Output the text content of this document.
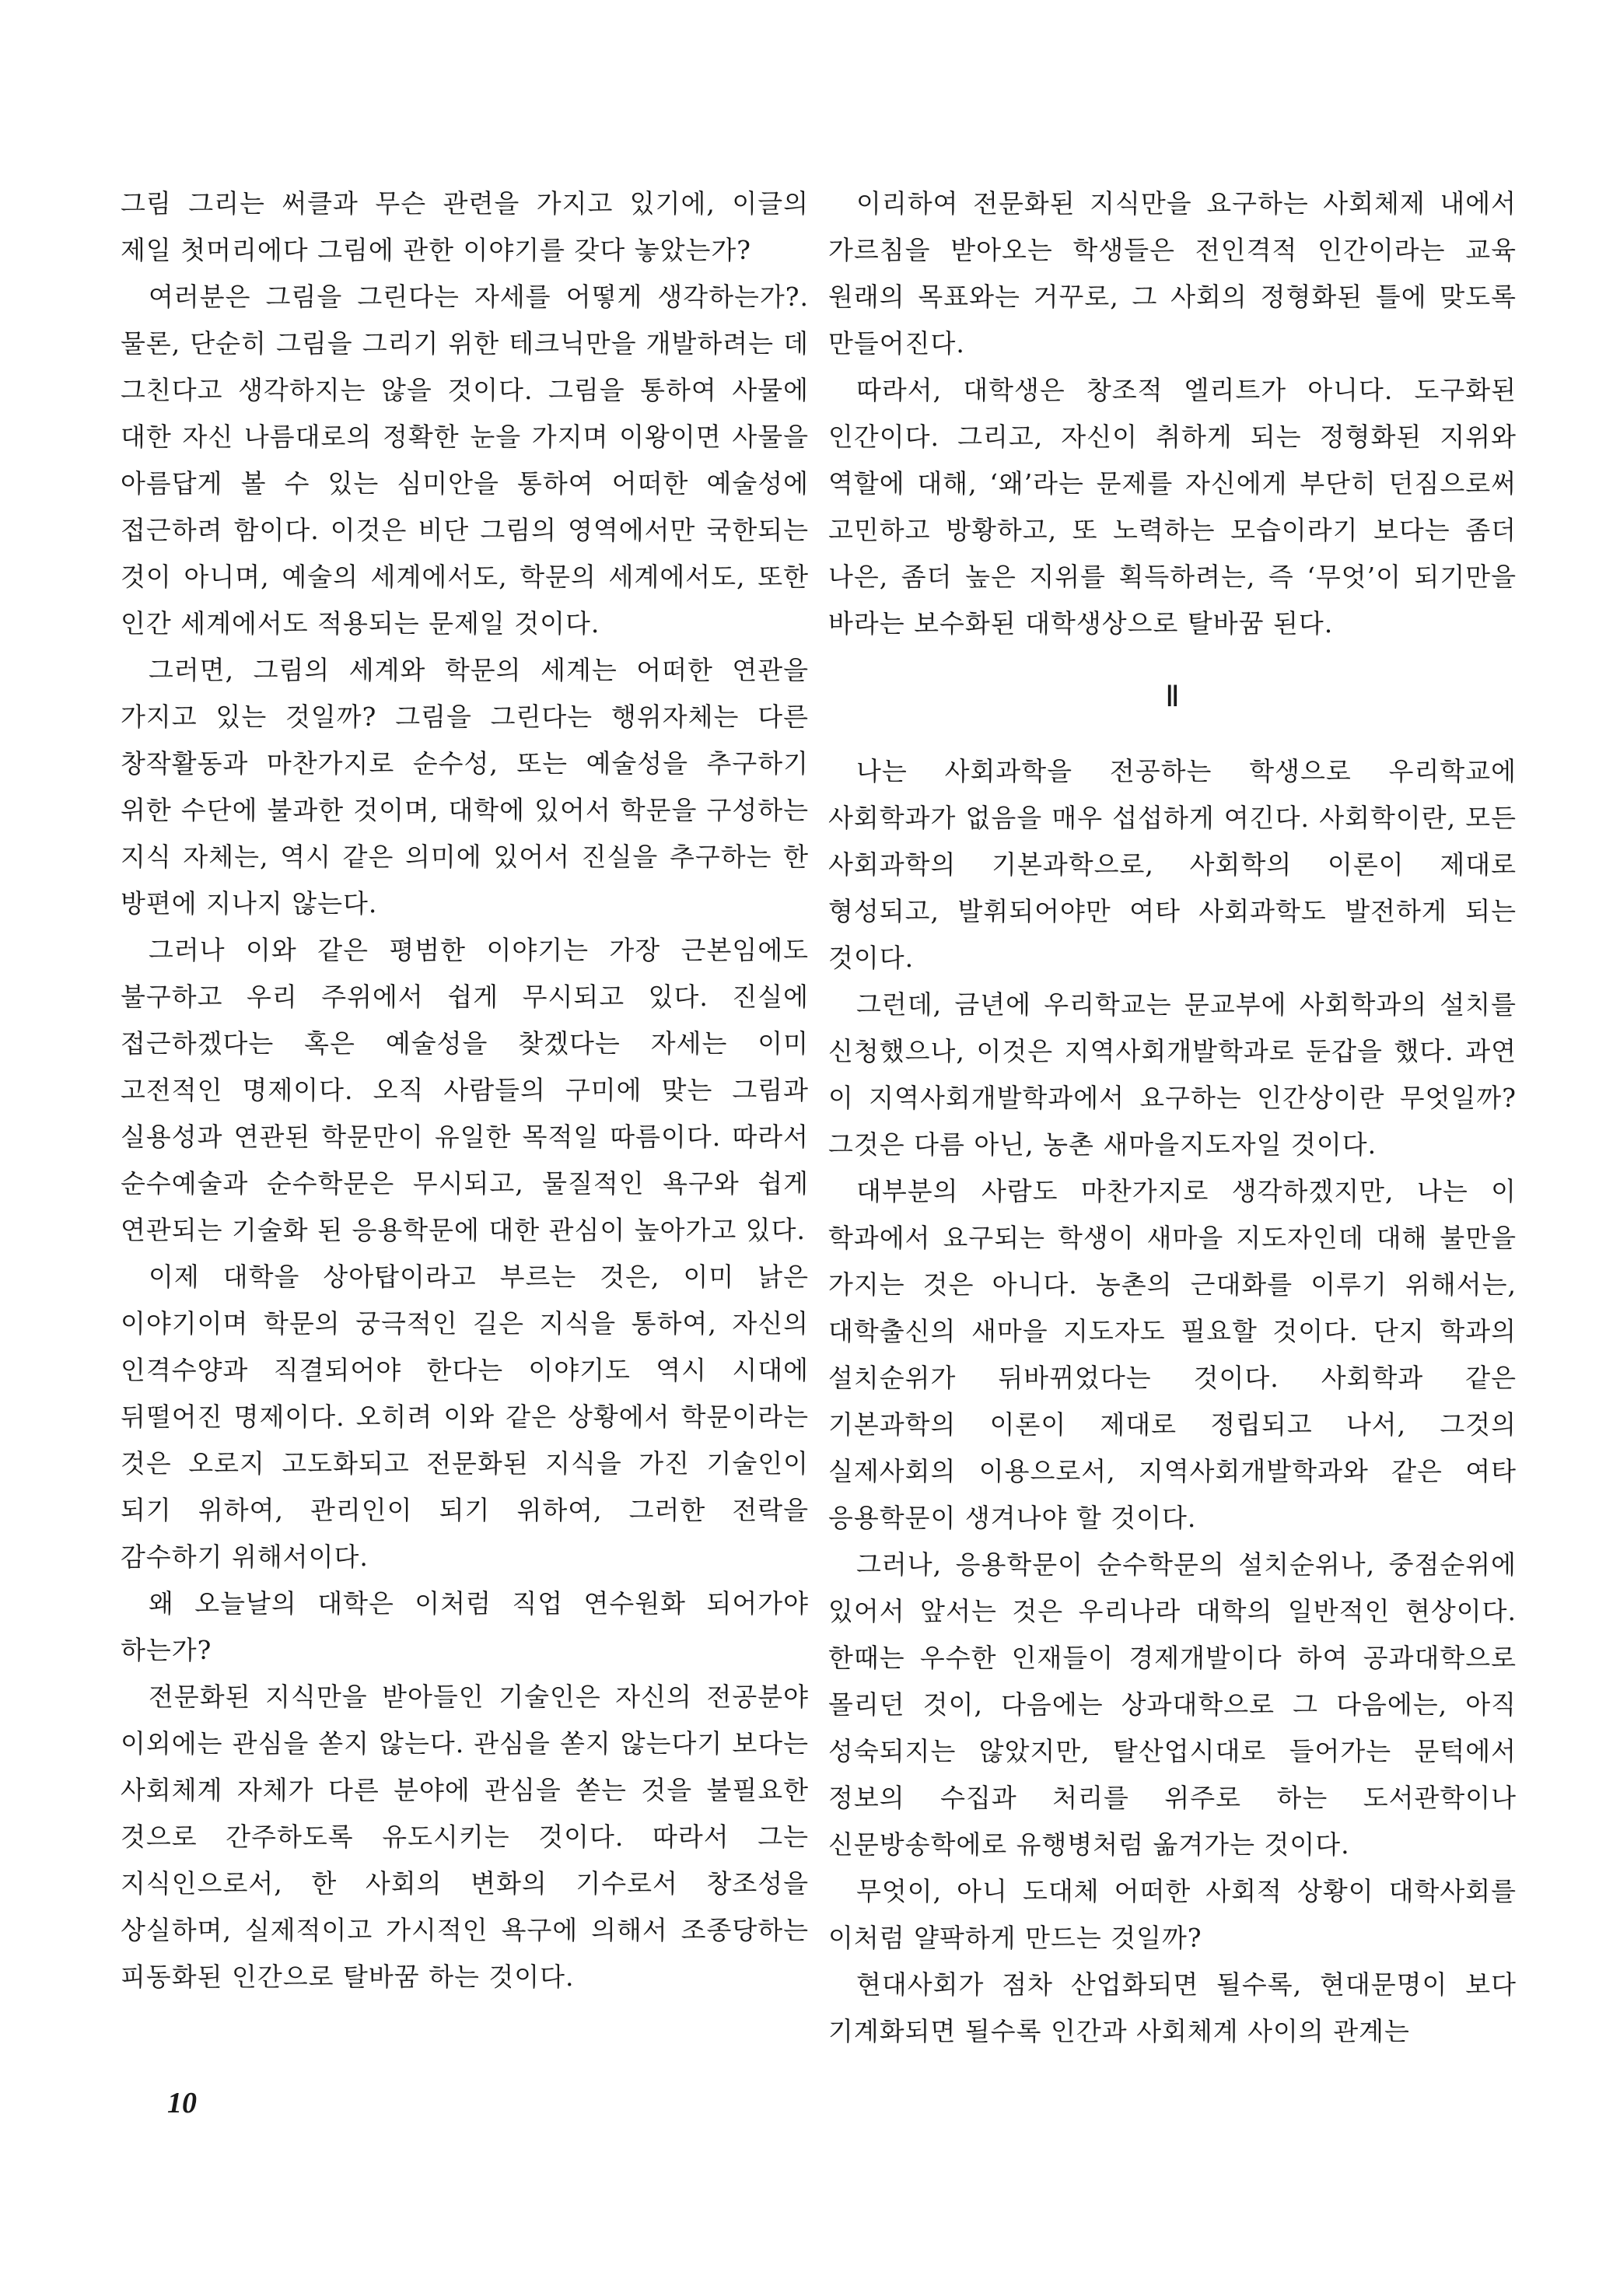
그림 그리는 써클과 무슨 관련을 가지고 있기에, 이글의 제일 첫머리에다 그림에 관한 이야기를 갖다 놓았는가?

여러분은 그림을 그린다는 자세를 어떻게 생각하는가?. 물론, 단순히 그림을 그리기 위한 테크닉만을 개발하려는 데 그친다고 생각하지는 않을 것이다. 그림을 통하여 사물에 대한 자신 나름대로의 정확한 눈을 가지며 이왕이면 사물을 아름답게 볼 수 있는 심미안을 통하여 어떠한 예술성에 접근하려 함이다. 이것은 비단 그림의 영역에서만 국한되는 것이 아니며, 예술의 세계에서도, 학문의 세계에서도, 또한 인간 세계에서도 적용되는 문제일 것이다.

그러면, 그림의 세계와 학문의 세계는 어떠한 연관을 가지고 있는 것일까? 그림을 그린다는 행위자체는 다른 창작활동과 마찬가지로 순수성, 또는 예술성을 추구하기 위한 수단에 불과한 것이며, 대학에 있어서 학문을 구성하는 지식 자체는, 역시 같은 의미에 있어서 진실을 추구하는 한 방편에 지나지 않는다.

그러나 이와 같은 평범한 이야기는 가장 근본임에도 불구하고 우리 주위에서 쉽게 무시되고 있다. 진실에 접근하겠다는 혹은 예술성을 찾겠다는 자세는 이미 고전적인 명제이다. 오직 사람들의 구미에 맞는 그림과 실용성과 연관된 학문만이 유일한 목적일 따름이다. 따라서 순수예술과 순수학문은 무시되고, 물질적인 욕구와 쉽게 연관되는 기술화 된 응용학문에 대한 관심이 높아가고 있다.

이제 대학을 상아탑이라고 부르는 것은, 이미 낡은 이야기이며 학문의 궁극적인 길은 지식을 통하여, 자신의 인격수양과 직결되어야 한다는 이야기도 역시 시대에 뒤떨어진 명제이다. 오히려 이와 같은 상황에서 학문이라는 것은 오로지 고도화되고 전문화된 지식을 가진 기술인이 되기 위하여, 관리인이 되기 위하여, 그러한 전락을 감수하기 위해서이다.

왜 오늘날의 대학은 이처럼 직업 연수원화 되어가야 하는가?

전문화된 지식만을 받아들인 기술인은 자신의 전공분야 이외에는 관심을 쏟지 않는다. 관심을 쏟지 않는다기 보다는 사회체계 자체가 다른 분야에 관심을 쏟는 것을 불필요한 것으로 간주하도록 유도시키는 것이다. 따라서 그는 지식인으로서, 한 사회의 변화의 기수로서 창조성을 상실하며, 실제적이고 가시적인 욕구에 의해서 조종당하는 피동화된 인간으로 탈바꿈 하는 것이다.

이리하여 전문화된 지식만을 요구하는 사회체제 내에서 가르침을 받아오는 학생들은 전인격적 인간이라는 교육 원래의 목표와는 거꾸로, 그 사회의 정형화된 틀에 맞도록 만들어진다.

따라서, 대학생은 창조적 엘리트가 아니다. 도구화된 인간이다. 그리고, 자신이 취하게 되는 정형화된 지위와 역할에 대해, ‘왜’라는 문제를 자신에게 부단히 던짐으로써 고민하고 방황하고, 또 노력하는 모습이라기 보다는 좀더 나은, 좀더 높은 지위를 획득하려는, 즉 ‘무엇’이 되기만을 바라는 보수화된 대학생상으로 탈바꿈 된다.

Ⅱ

나는 사회과학을 전공하는 학생으로 우리학교에 사회학과가 없음을 매우 섭섭하게 여긴다. 사회학이란, 모든 사회과학의 기본과학으로, 사회학의 이론이 제대로 형성되고, 발휘되어야만 여타 사회과학도 발전하게 되는 것이다.

그런데, 금년에 우리학교는 문교부에 사회학과의 설치를 신청했으나, 이것은 지역사회개발학과로 둔갑을 했다. 과연 이 지역사회개발학과에서 요구하는 인간상이란 무엇일까? 그것은 다름 아닌, 농촌 새마을지도자일 것이다.

대부분의 사람도 마찬가지로 생각하겠지만, 나는 이 학과에서 요구되는 학생이 새마을 지도자인데 대해 불만을 가지는 것은 아니다. 농촌의 근대화를 이루기 위해서는, 대학출신의 새마을 지도자도 필요할 것이다. 단지 학과의 설치순위가 뒤바뀌었다는 것이다. 사회학과 같은 기본과학의 이론이 제대로 정립되고 나서, 그것의 실제사회의 이용으로서, 지역사회개발학과와 같은 여타 응용학문이 생겨나야 할 것이다.

그러나, 응용학문이 순수학문의 설치순위나, 중점순위에 있어서 앞서는 것은 우리나라 대학의 일반적인 현상이다. 한때는 우수한 인재들이 경제개발이다 하여 공과대학으로 몰리던 것이, 다음에는 상과대학으로 그 다음에는, 아직 성숙되지는 않았지만, 탈산업시대로 들어가는 문턱에서 정보의 수집과 처리를 위주로 하는 도서관학이나 신문방송학에로 유행병처럼 옮겨가는 것이다.

무엇이, 아니 도대체 어떠한 사회적 상황이 대학사회를 이처럼 얄팍하게 만드는 것일까?

현대사회가 점차 산업화되면 될수록, 현대문명이 보다 기계화되면 될수록 인간과 사회체계 사이의 관계는

10
